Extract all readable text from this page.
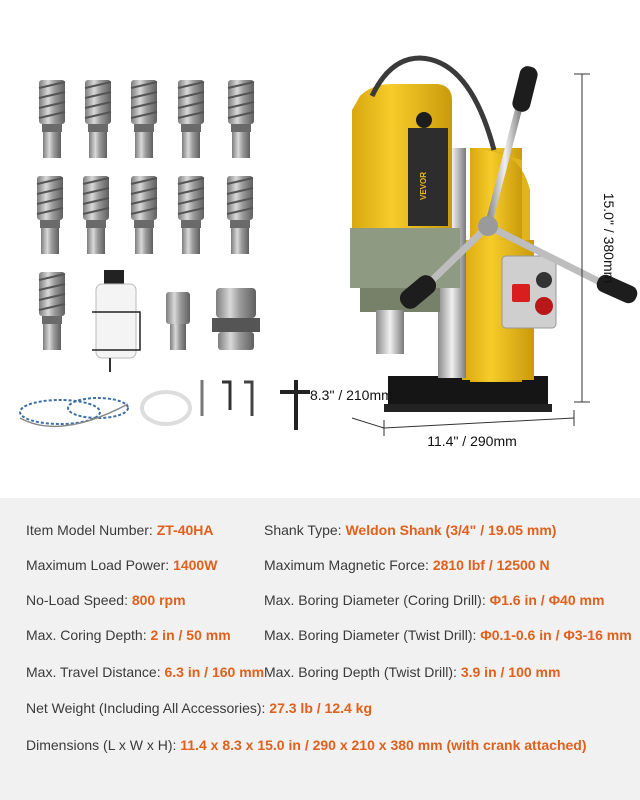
VEVOR
15.0" / 380mm
8.3" / 210mm
11.4" / 290mm
Item Model Number: ZT-40HA	Shank Type: Weldon Shank (3/4" / 19.05 mm)
Maximum Load Power: 1400W	Maximum Magnetic Force: 2810 lbf / 12500 N
No-Load Speed: 800 rpm	Max. Boring Diameter (Coring Drill): Φ1.6 in / Φ40 mm
Max. Coring Depth: 2 in / 50 mm Max. Boring Diameter (Twist Drill): Φ0.1-0.6 in / Φ3-16 mm
Max. Travel Distance: 6.3 in / 160 mm Max. Boring Depth (Twist Drill): 3.9 in / 100 mm
Net Weight (Including All Accessories): 27.3 lb / 12.4 kg
Dimensions (L x W x H): 11.4 x 8.3 x 15.0 in / 290 x 210 x 380 mm (with crank attached)
